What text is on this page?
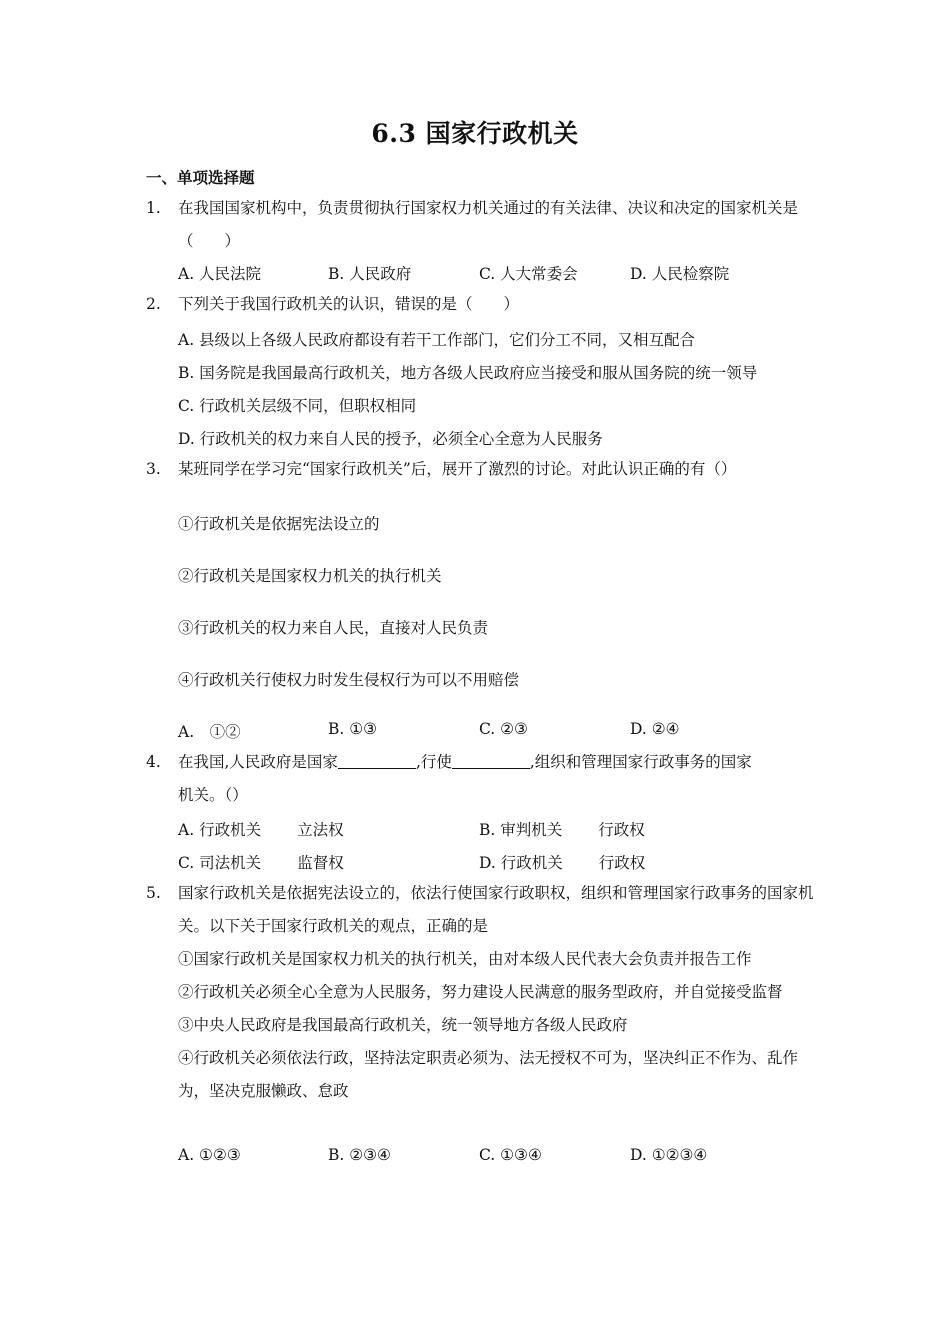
6.3 国家行政机关
一、单项选择题
1. 在我国国家机构中，负责贯彻执行国家权力机关通过的有关法律、决议和决定的国家机关是（　　）
A. 人民法院	B. 人民政府	C. 人大常委会	D. 人民检察院
2. 下列关于我国行政机关的认识，错误的是（　　）
A. 县级以上各级人民政府都设有若干工作部门，它们分工不同，又相互配合
B. 国务院是我国最高行政机关，地方各级人民政府应当接受和服从国务院的统一领导
C. 行政机关层级不同，但职权相同
D. 行政机关的权力来自人民的授予，必须全心全意为人民服务
3. 某班同学在学习完“国家行政机关”后，展开了激烈的讨论。对此认识正确的有（）
①行政机关是依据宪法设立的
②行政机关是国家权力机关的执行机关
③行政机关的权力来自人民，直接对人民负责
④行政机关行使权力时发生侵权行为可以不用赔偿
A.　①②	B. ①③	C. ②③	D. ②④
4. 在我国,人民政府是国家	,行使	,组织和管理国家行政事务的国家
机关。（）
A. 行政机关 立法权	B. 审判机关 行政权
C. 司法机关 监督权	D. 行政机关 行政权
5. 国家行政机关是依据宪法设立的，依法行使国家行政职权，组织和管理国家行政事务的国家机关。以下关于国家行政机关的观点，正确的是
①国家行政机关是国家权力机关的执行机关，由对本级人民代表大会负责并报告工作
②行政机关必须全心全意为人民服务，努力建设人民满意的服务型政府，并自觉接受监督
③中央人民政府是我国最高行政机关，统一领导地方各级人民政府
④行政机关必须依法行政，坚持法定职责必须为、法无授权不可为，坚决纠正不作为、乱作为，坚决克服懒政、怠政
A. ①②③	B. ②③④	C. ①③④	D. ①②③④
